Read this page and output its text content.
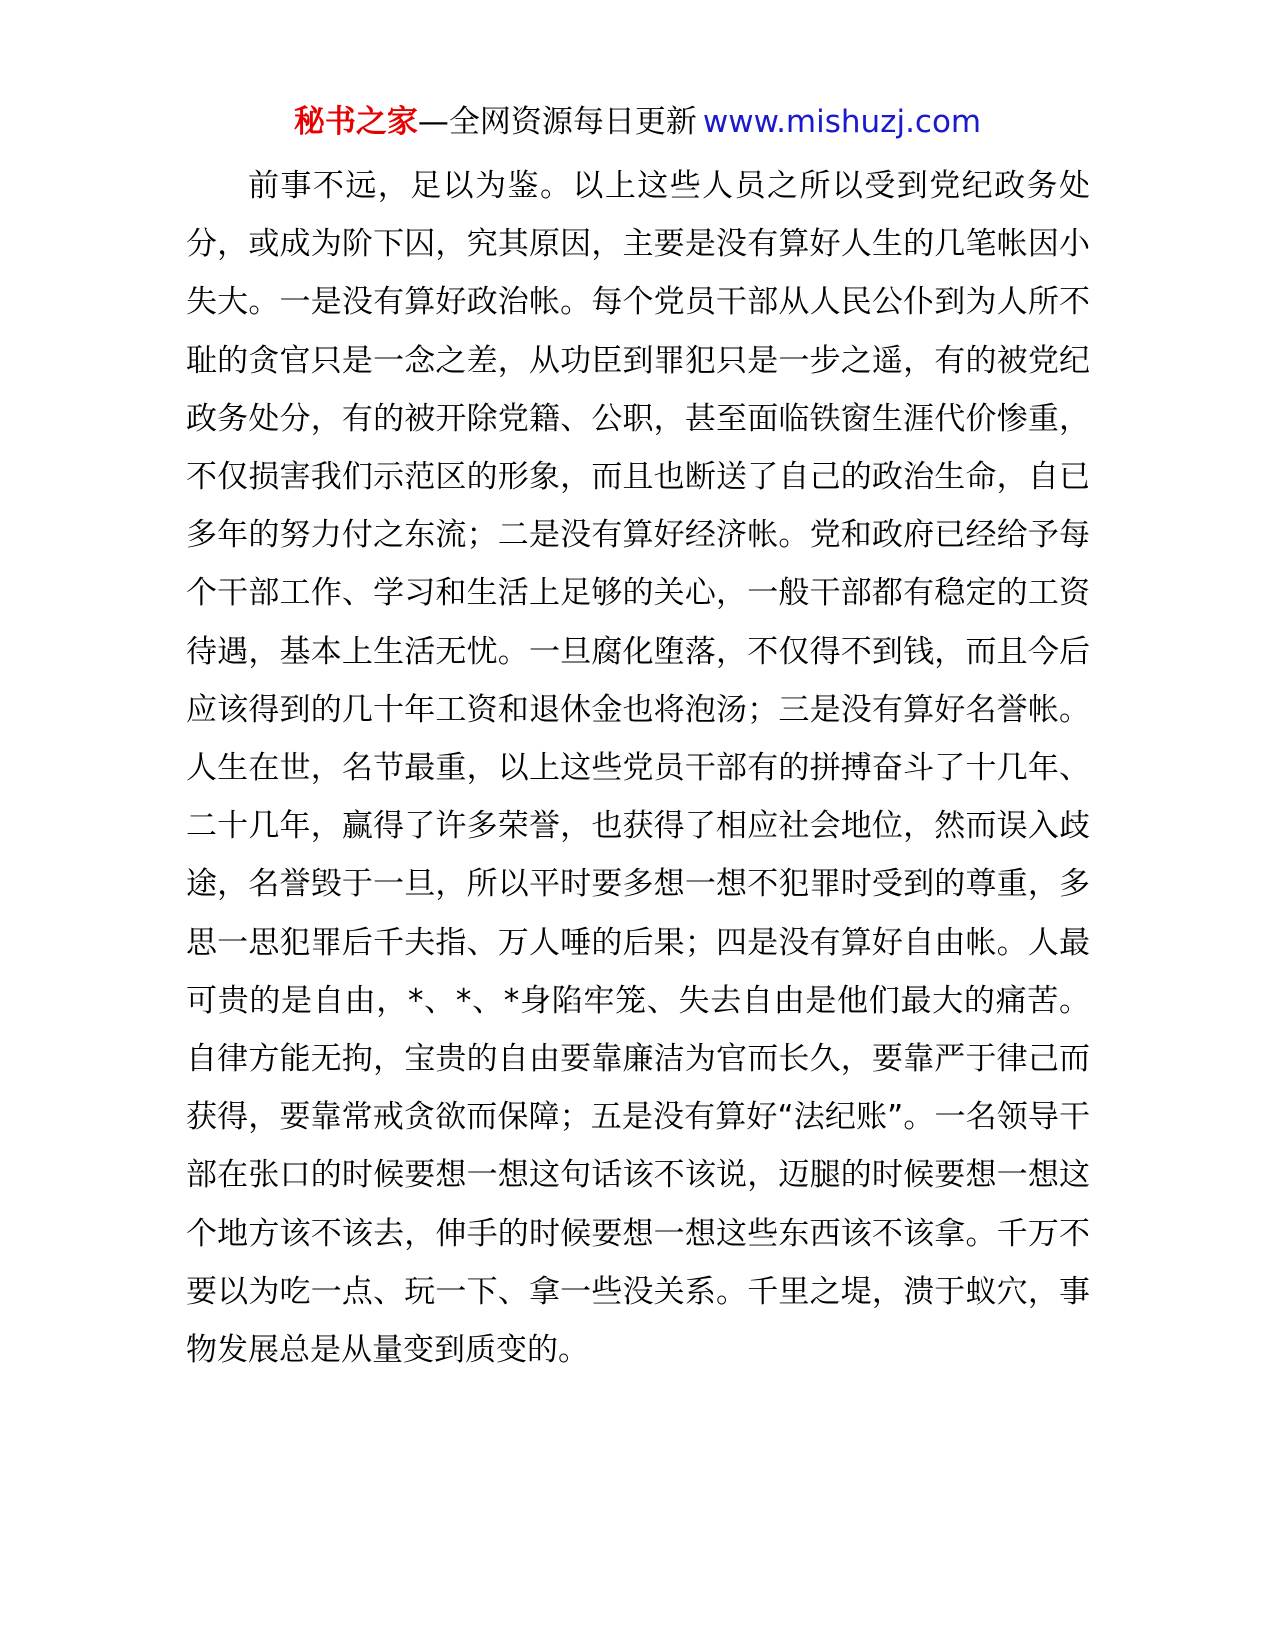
秘书之家—全网资源每日更新 www.mishuzj.com

前事不远，足以为鉴。以上这些人员之所以受到党纪政务处分，或成为阶下囚，究其原因，主要是没有算好人生的几笔帐因小失大。一是没有算好政治帐。每个党员干部从人民公仆到为人所不耻的贪官只是一念之差，从功臣到罪犯只是一步之遥，有的被党纪政务处分，有的被开除党籍、公职，甚至面临铁窗生涯代价惨重，不仅损害我们示范区的形象，而且也断送了自己的政治生命，自已多年的努力付之东流；二是没有算好经济帐。党和政府已经给予每个干部工作、学习和生活上足够的关心，一般干部都有稳定的工资待遇，基本上生活无忧。一旦腐化堕落，不仅得不到钱，而且今后应该得到的几十年工资和退休金也将泡汤；三是没有算好名誉帐。人生在世，名节最重，以上这些党员干部有的拼搏奋斗了十几年、二十几年，赢得了许多荣誉，也获得了相应社会地位，然而误入歧途，名誉毁于一旦，所以平时要多想一想不犯罪时受到的尊重，多思一思犯罪后千夫指、万人唾的后果；四是没有算好自由帐。人最可贵的是自由，*、*、*身陷牢笼、失去自由是他们最大的痛苦。自律方能无拘，宝贵的自由要靠廉洁为官而长久，要靠严于律己而获得，要靠常戒贪欲而保障；五是没有算好“法纪账”。一名领导干部在张口的时候要想一想这句话该不该说，迈腿的时候要想一想这个地方该不该去，伸手的时候要想一想这些东西该不该拿。千万不要以为吃一点、玩一下、拿一些没关系。千里之堤，溃于蚁穴，事物发展总是从量变到质变的。
